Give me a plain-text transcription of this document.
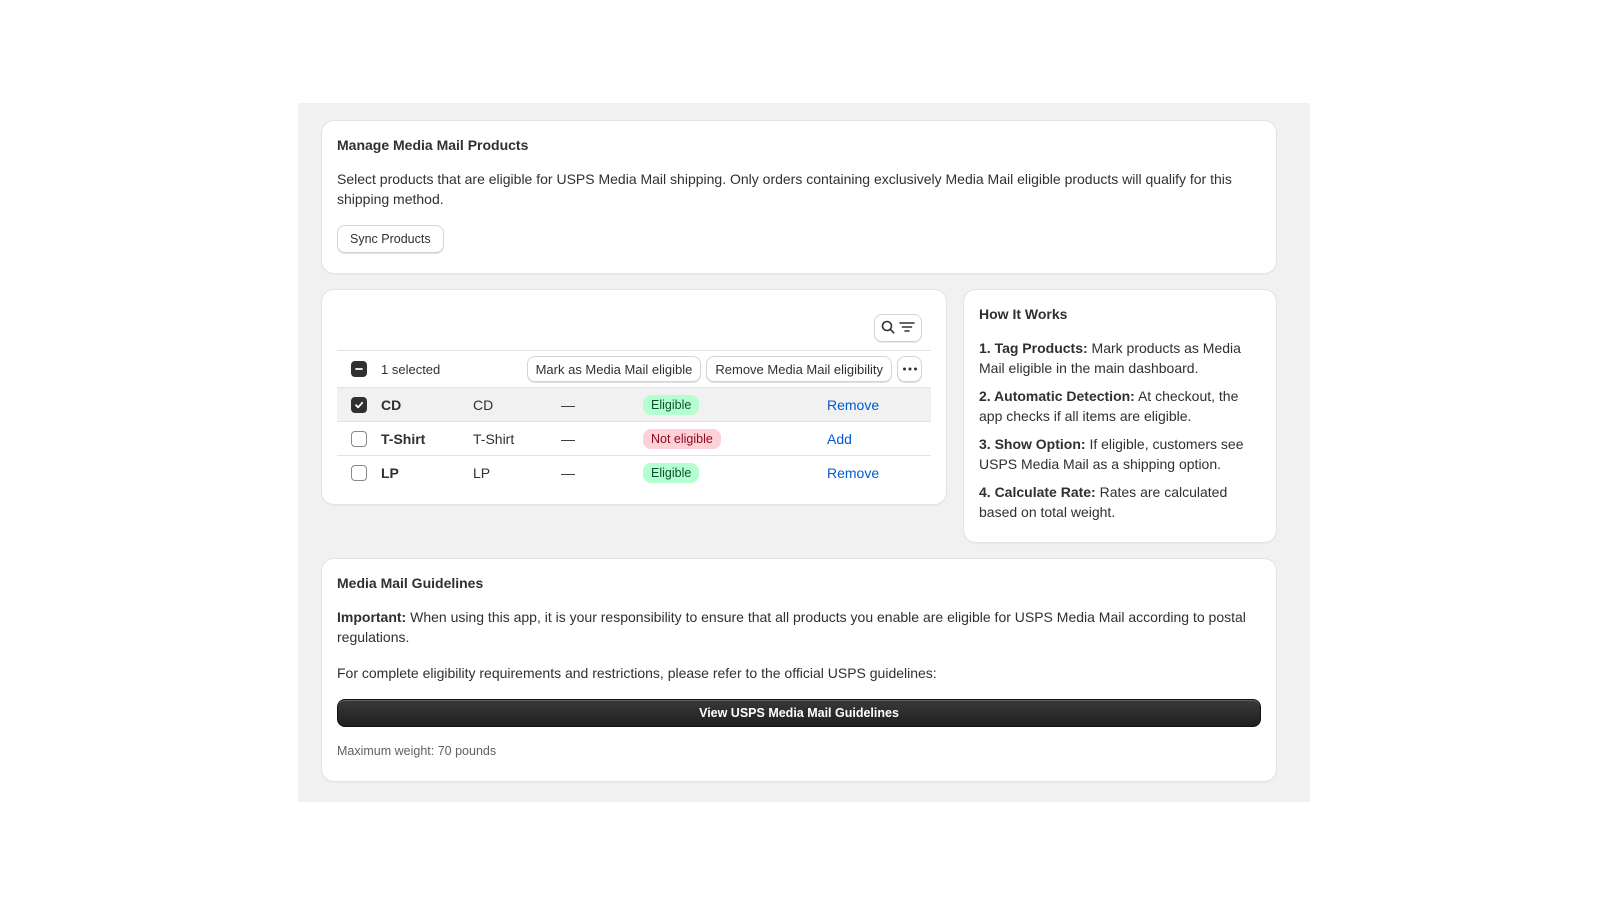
Manage Media Mail Products

Select products that are eligible for USPS Media Mail shipping. Only orders containing exclusively Media Mail eligible products will qualify for this shipping method.

Sync Products
1 selected	Mark as Media Mail eligible	Remove Media Mail eligibility
CD	CD	—	Eligible	Remove
T-Shirt	T-Shirt	—	Not eligible	Add
LP	LP	—	Eligible	Remove
How It Works

1. Tag Products: Mark products as Media Mail eligible in the main dashboard.

2. Automatic Detection: At checkout, the app checks if all items are eligible.

3. Show Option: If eligible, customers see USPS Media Mail as a shipping option.

4. Calculate Rate: Rates are calculated based on total weight.

Media Mail Guidelines

Important: When using this app, it is your responsibility to ensure that all products you enable are eligible for USPS Media Mail according to postal regulations.

For complete eligibility requirements and restrictions, please refer to the official USPS guidelines:

View USPS Media Mail Guidelines

Maximum weight: 70 pounds
